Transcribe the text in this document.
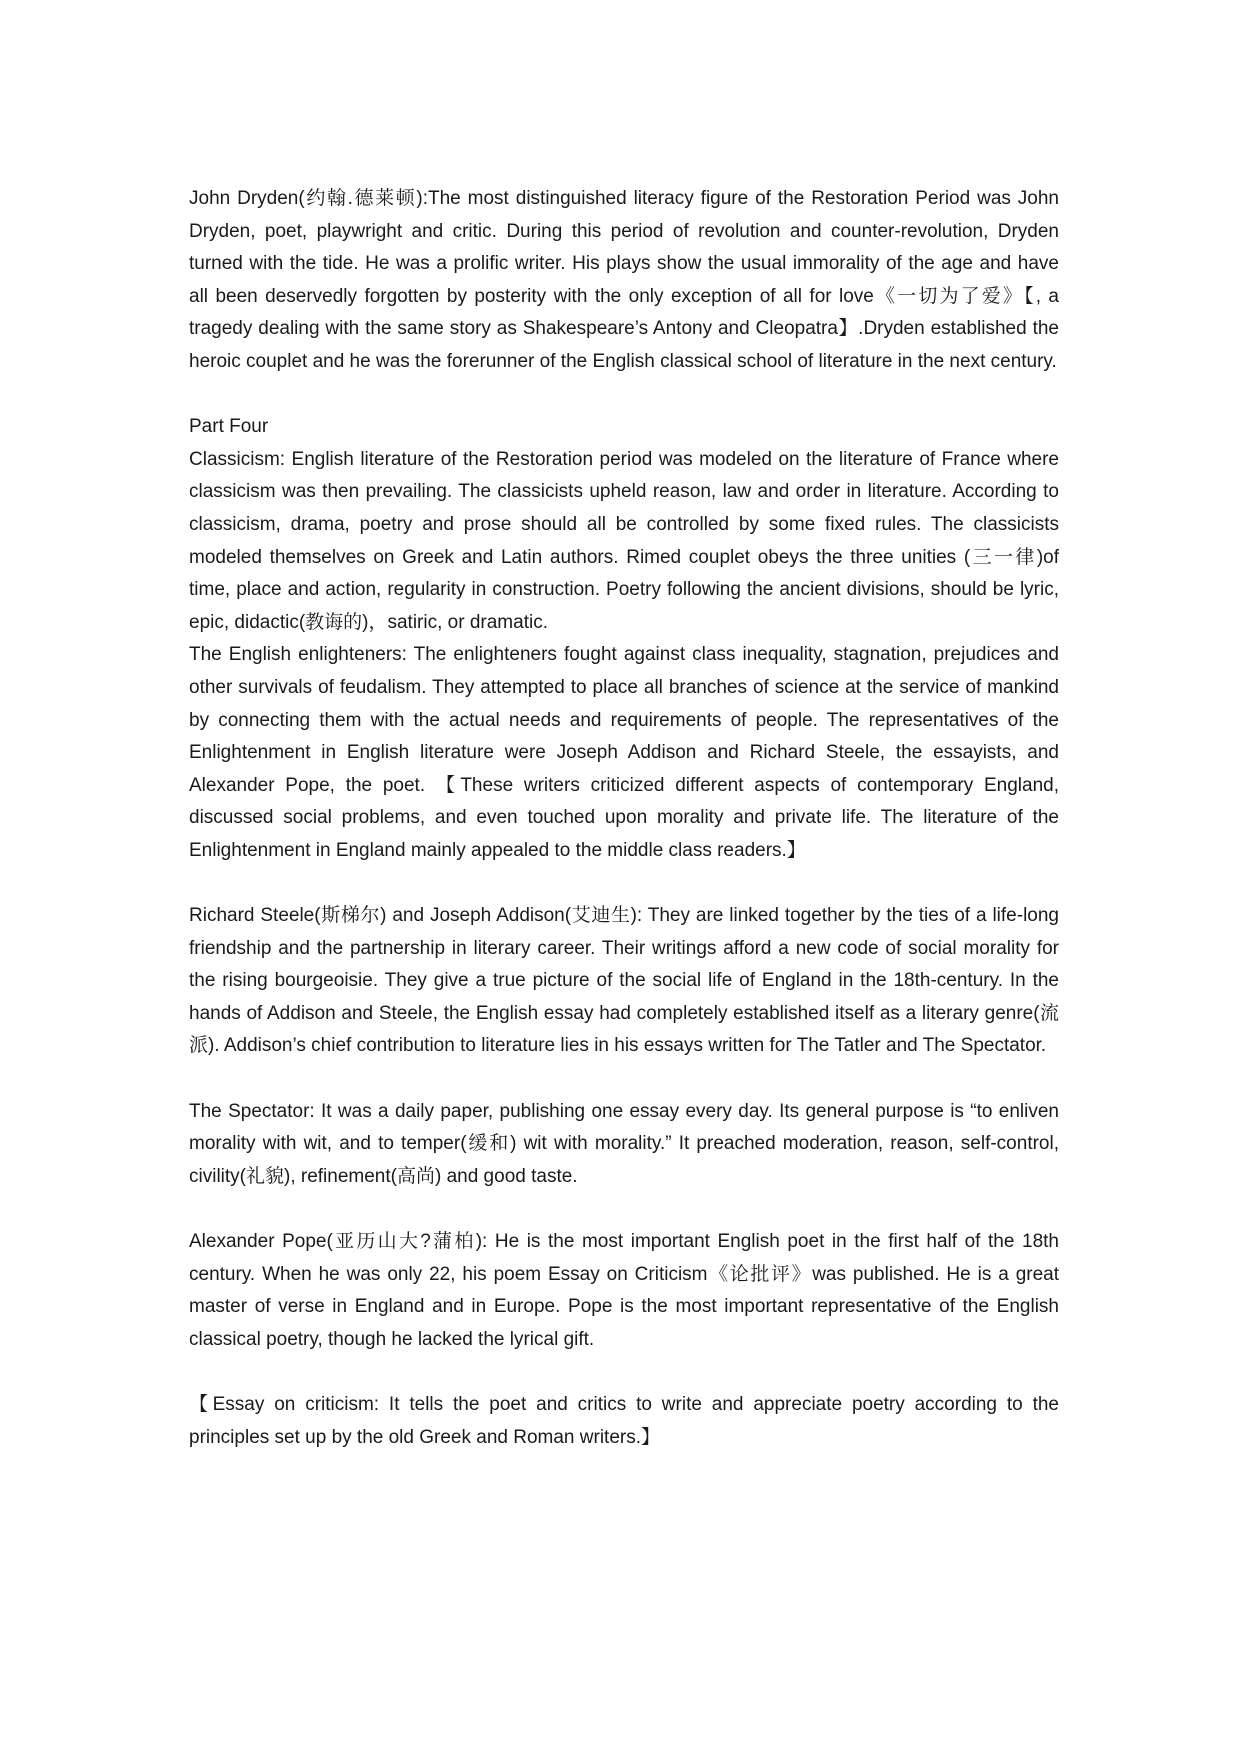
John Dryden(约翰.德莱顿):The most distinguished literacy figure of the Restoration Period was John Dryden, poet, playwright and critic. During this period of revolution and counter-revolution, Dryden turned with the tide. He was a prolific writer. His plays show the usual immorality of the age and have all been deservedly forgotten by posterity with the only exception of all for love《一切为了爱》【, a tragedy dealing with the same story as Shakespeare’s Antony and Cleopatra】.Dryden established the heroic couplet and he was the forerunner of the English classical school of literature in the next century.

Part Four

Classicism: English literature of the Restoration period was modeled on the literature of France where classicism was then prevailing. The classicists upheld reason, law and order in literature. According to classicism, drama, poetry and prose should all be controlled by some fixed rules. The classicists modeled themselves on Greek and Latin authors. Rimed couplet obeys the three unities (三一律)of time, place and action, regularity in construction. Poetry following the ancient divisions, should be lyric, epic, didactic(教诲的)，satiric, or dramatic.

The English enlighteners: The enlighteners fought against class inequality, stagnation, prejudices and other survivals of feudalism. They attempted to place all branches of science at the service of mankind by connecting them with the actual needs and requirements of people. The representatives of the Enlightenment in English literature were Joseph Addison and Richard Steele, the essayists, and Alexander Pope, the poet. 【These writers criticized different aspects of contemporary England, discussed social problems, and even touched upon morality and private life. The literature of the Enlightenment in England mainly appealed to the middle class readers.】

Richard Steele(斯梯尔) and Joseph Addison(艾迪生): They are linked together by the ties of a life-long friendship and the partnership in literary career. Their writings afford a new code of social morality for the rising bourgeoisie. They give a true picture of the social life of England in the 18th-century. In the hands of Addison and Steele, the English essay had completely established itself as a literary genre(流派). Addison’s chief contribution to literature lies in his essays written for The Tatler and The Spectator.

The Spectator: It was a daily paper, publishing one essay every day. Its general purpose is “to enliven morality with wit, and to temper(缓和) wit with morality.” It preached moderation, reason, self-control, civility(礼貌), refinement(高尚) and good taste.

Alexander Pope(亚历山大?蒲柏): He is the most important English poet in the first half of the 18th century. When he was only 22, his poem Essay on Criticism《论批评》was published. He is a great master of verse in England and in Europe. Pope is the most important representative of the English classical poetry, though he lacked the lyrical gift.

【Essay on criticism: It tells the poet and critics to write and appreciate poetry according to the principles set up by the old Greek and Roman writers.】
